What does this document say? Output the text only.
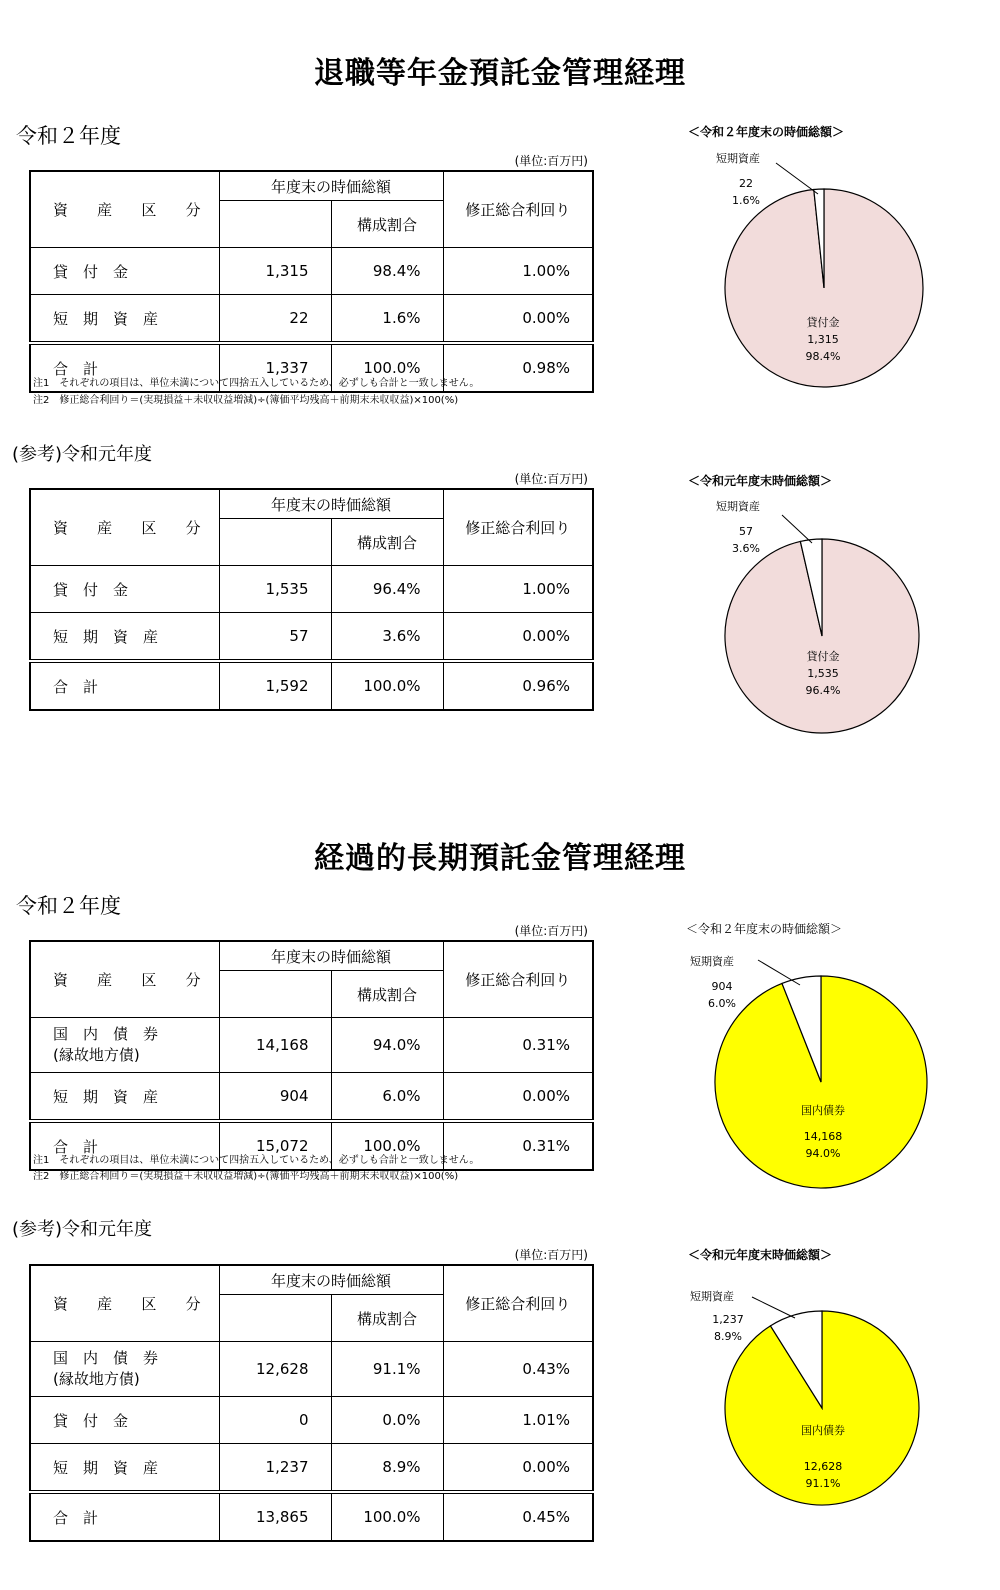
退職等年金預託金管理経理
令和２年度
(単位:百万円)
資 産 区 分	年度末の時価総額		修正総合利回り
		構成割合	
貸　付　金	1,315	98.4%	1.00%
短　期　資　産	22	1.6%	0.00%
合　計	1,337	100.0%	0.98%
注1　それぞれの項目は、単位未満について四捨五入しているため、必ずしも合計と一致しません。
注2　修正総合利回り＝(実現損益＋未収収益増減)÷(簿価平均残高＋前期末未収収益)×100(%)
(参考)令和元年度
(単位:百万円)
資 産 区 分	年度末の時価総額		修正総合利回り
		構成割合	
貸　付　金	1,535	96.4%	1.00%
短　期　資　産	57	3.6%	0.00%
合　計	1,592	100.0%	0.96%
経過的長期預託金管理経理
令和２年度
(単位:百万円)
資 産 区 分	年度末の時価総額		修正総合利回り
		構成割合	

国　内　債　券
(縁故地方債)	14,168	94.0%	0.31%
短　期　資　産	904	6.0%	0.00%
合　計	15,072	100.0%	0.31%
注1　それぞれの項目は、単位未満について四捨五入しているため、必ずしも合計と一致しません。
注2　修正総合利回り＝(実現損益＋未収収益増減)÷(簿価平均残高＋前期末未収収益)×100(%)
(参考)令和元年度
(単位:百万円)
資 産 区 分	年度末の時価総額		修正総合利回り
		構成割合	

国　内　債　券
(縁故地方債)	12,628	91.1%	0.43%
貸　付　金	0	0.0%	1.01%
短　期　資　産	1,237	8.9%	0.00%
合　計	13,865	100.0%	0.45%
＜令和２年度末の時価総額＞
短期資産
22
1.6%
貸付金
1,315
98.4%
＜令和元年度末時価総額＞
短期資産
57
3.6%
貸付金
1,535
96.4%
＜令和２年度末の時価総額＞
短期資産
904
6.0%
国内債券
14,168
94.0%
＜令和元年度末時価総額＞
短期資産
1,237
8.9%
国内債券
12,628
91.1%
